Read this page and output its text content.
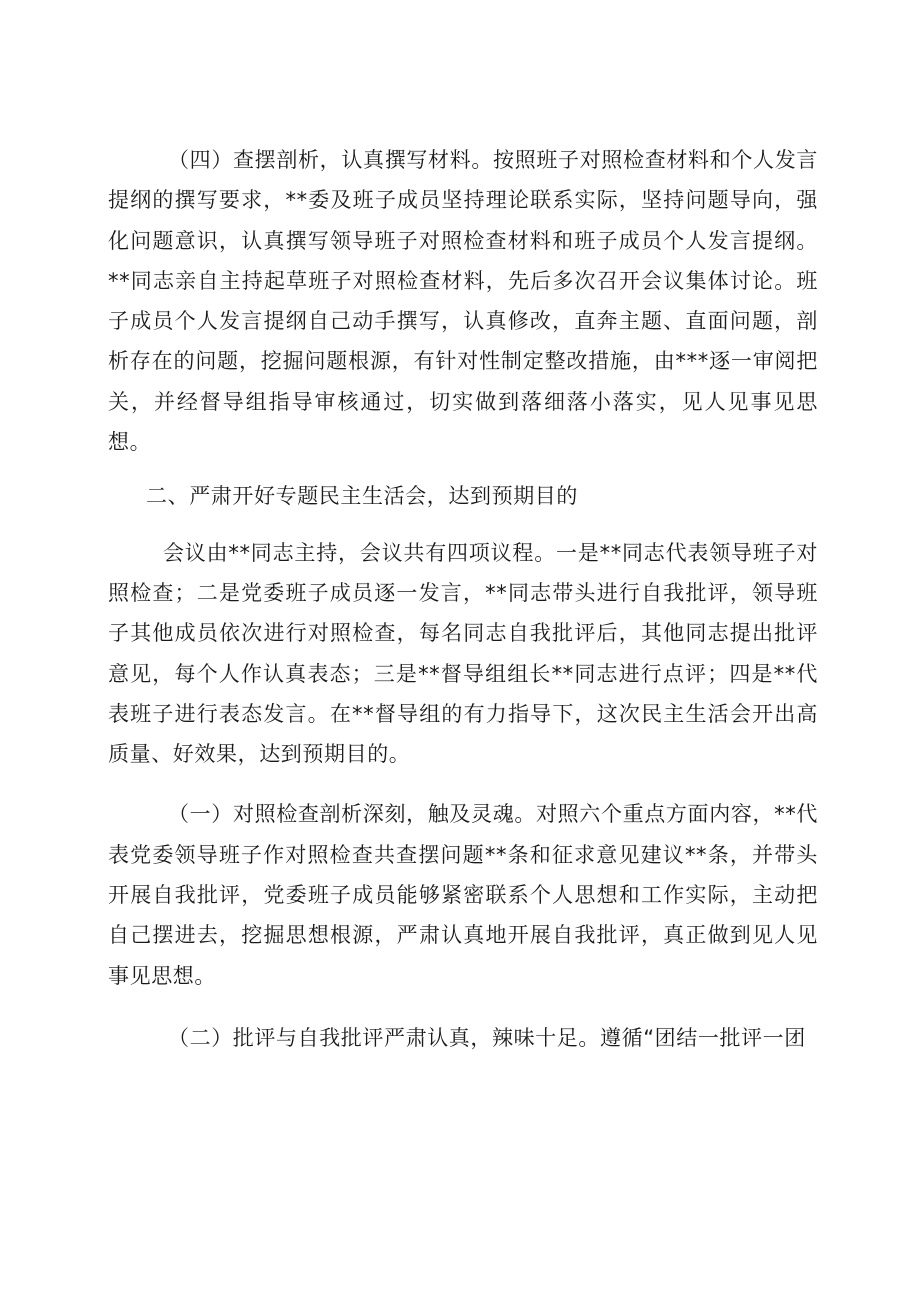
（四）查摆剖析，认真撰写材料。按照班子对照检查材料和个人发言提纲的撰写要求，**委及班子成员坚持理论联系实际，坚持问题导向，强化问题意识，认真撰写领导班子对照检查材料和班子成员个人发言提纲。**同志亲自主持起草班子对照检查材料，先后多次召开会议集体讨论。班子成员个人发言提纲自己动手撰写，认真修改，直奔主题、直面问题，剖析存在的问题，挖掘问题根源，有针对性制定整改措施，由***逐一审阅把关，并经督导组指导审核通过，切实做到落细落小落实，见人见事见思想。

二、严肃开好专题民主生活会，达到预期目的

会议由**同志主持，会议共有四项议程。一是**同志代表领导班子对照检查；二是党委班子成员逐一发言，**同志带头进行自我批评，领导班子其他成员依次进行对照检查，每名同志自我批评后，其他同志提出批评意见，每个人作认真表态；三是**督导组组长**同志进行点评；四是**代表班子进行表态发言。在**督导组的有力指导下，这次民主生活会开出高质量、好效果，达到预期目的。

（一）对照检查剖析深刻，触及灵魂。对照六个重点方面内容，**代表党委领导班子作对照检查共查摆问题**条和征求意见建议**条，并带头开展自我批评，党委班子成员能够紧密联系个人思想和工作实际，主动把自己摆进去，挖掘思想根源，严肃认真地开展自我批评，真正做到见人见事见思想。

（二）批评与自我批评严肃认真，辣味十足。遵循“团结一批评一团
